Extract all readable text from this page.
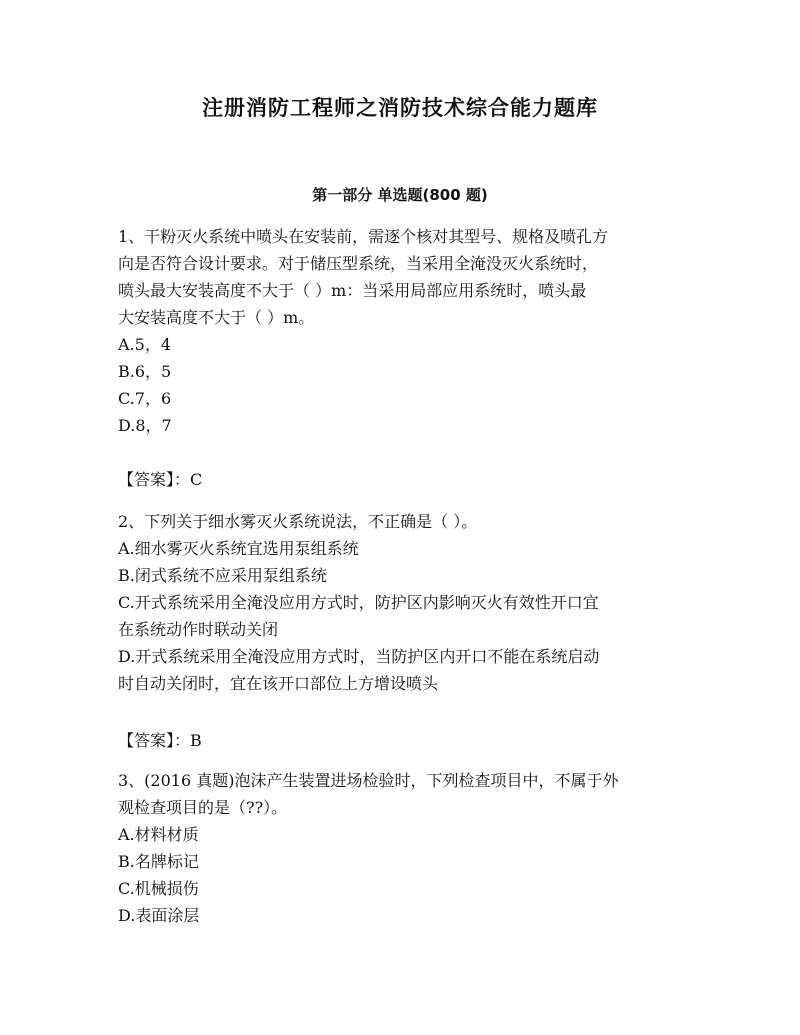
注册消防工程师之消防技术综合能力题库
第一部分 单选题(800 题)
1、干粉灭火系统中喷头在安装前，需逐个核对其型号、规格及喷孔方
向是否符合设计要求。对于储压型系统，当采用全淹没灭火系统时，
喷头最大安装高度不大于（ ）m：当采用局部应用系统时，喷头最
大安装高度不大于（ ）m。
A.5，4
B.6，5
C.7，6
D.8，7
【答案】：C
2、下列关于细水雾灭火系统说法，不正确是（ ）。
A.细水雾灭火系统宜选用泵组系统
B.闭式系统不应采用泵组系统
C.开式系统采用全淹没应用方式时，防护区内影响灭火有效性开口宜
在系统动作时联动关闭
D.开式系统采用全淹没应用方式时，当防护区内开口不能在系统启动
时自动关闭时，宜在该开口部位上方增设喷头
【答案】：B
3、(2016 真题)泡沫产生装置进场检验时，下列检查项目中，不属于外
观检查项目的是（??）。
A.材料材质
B.名牌标记
C.机械损伤
D.表面涂层
